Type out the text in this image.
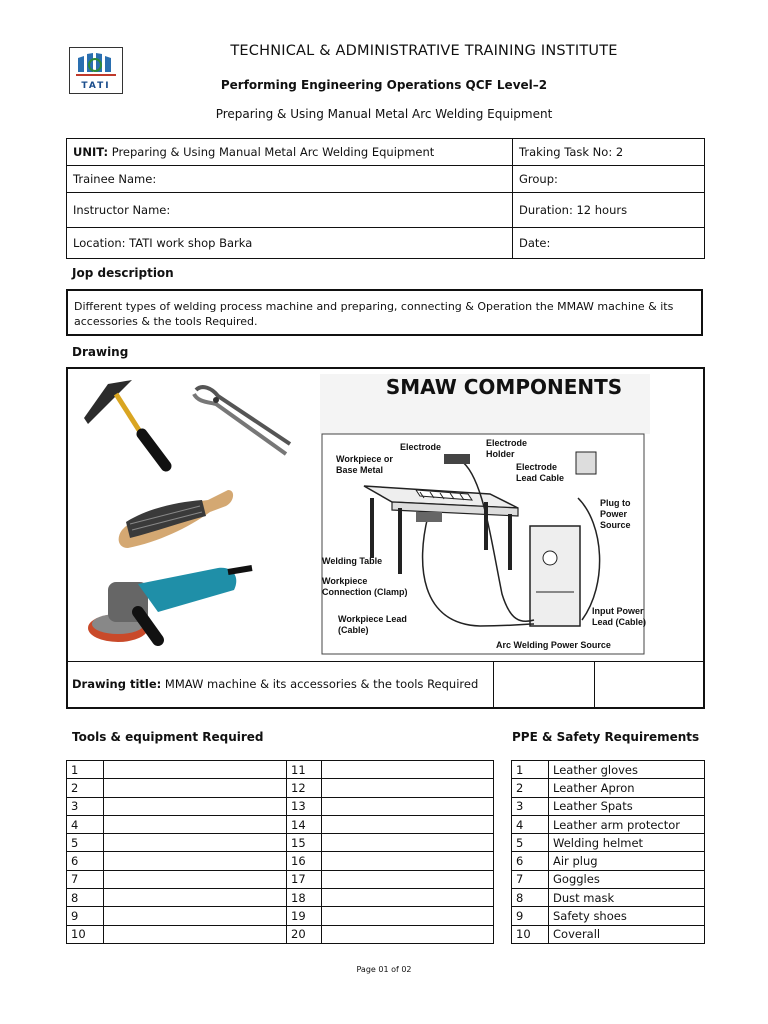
TATI
TECHNICAL & ADMINISTRATIVE TRAINING INSTITUTE
Performing Engineering Operations QCF Level–2
Preparing & Using Manual Metal Arc Welding Equipment
UNIT: Preparing & Using Manual Metal Arc Welding Equipment	Traking Task No: 2
Trainee Name:	Group:
Instructor Name:	Duration: 12 hours
Location: TATI work shop Barka	Date:
Jop description
Different types of welding process machine and preparing, connecting & Operation the MMAW machine & its accessories & the tools Required.
Drawing
SMAW COMPONENTS
Electrode	Electrode
Holder
Workpiece or
Base Metal	Electrode
Lead Cable
Plug to
Power
Source
Welding Table
Workpiece
Connection (Clamp)
Workpiece Lead
(Cable)
Input Power
Lead (Cable)
Arc Welding Power Source
Drawing title: MMAW machine & its accessories & the tools Required
Tools & equipment Required	PPE & Safety Requirements
1		11	
2		12	
3		13	
4		14	
5		15	
6		16	
7		17	
8		18	
9		19	
10		20	
1	Leather gloves
2	Leather Apron
3	Leather Spats
4	Leather arm protector
5	Welding helmet
6	Air plug
7	Goggles
8	Dust mask
9	Safety shoes
10	Coverall
Page 01 of 02
